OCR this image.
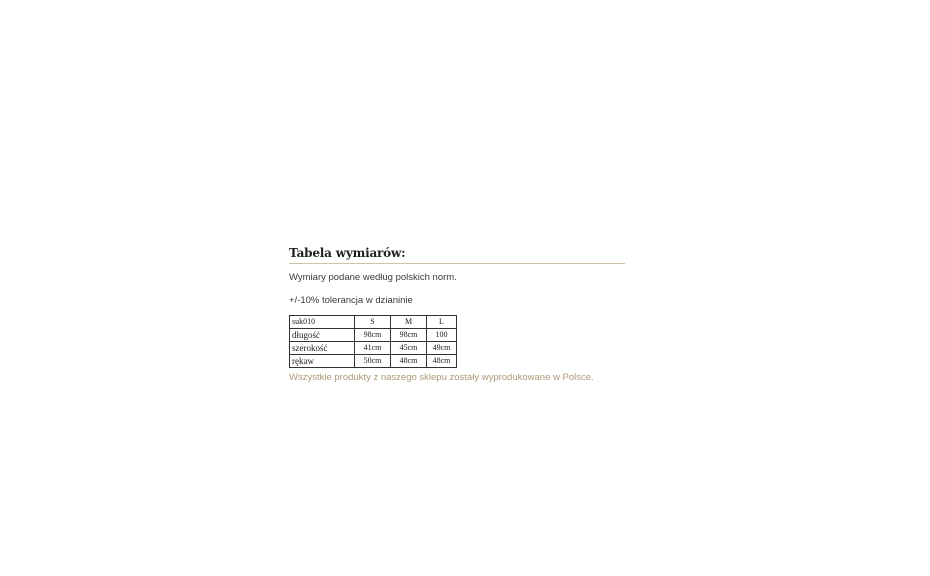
Tabela wymiarów:

Wymiary podane według polskich norm.

+/-10% tolerancja w dzianinie

suk010	S	M	L
długość	98cm	98cm	100
szerokość	41cm	45cm	49cm
rękaw	50cm	48cm	48cm

Wszystkie produkty z naszego sklepu zostały wyprodukowane w Polsce.
